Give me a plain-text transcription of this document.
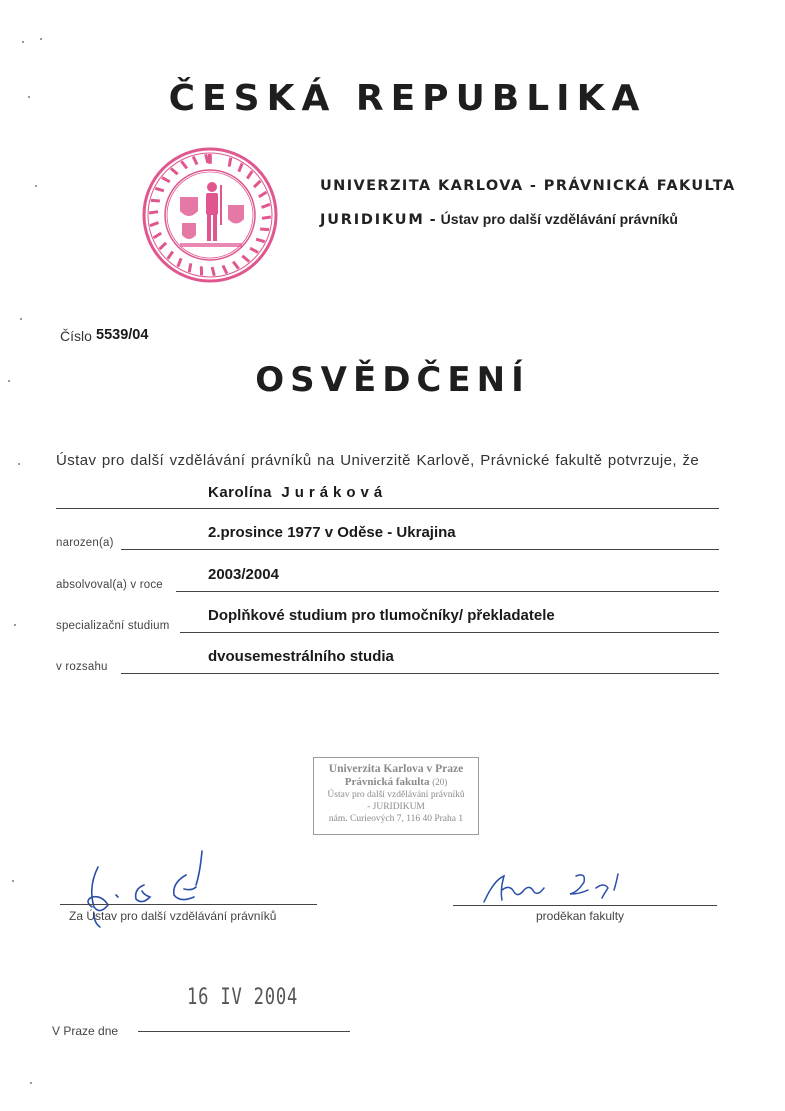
ČESKÁ REPUBLIKA
UNIVERZITA KARLOVA - PRÁVNICKÁ FAKULTA
JURIDIKUM - Ústav pro další vzdělávání právníků
Číslo 5539/04
OSVĚDČENÍ
Ústav pro další vzdělávání právníků na Univerzitě Karlově, Právnické fakultě potvrzuje, že
Karolína Juráková
narozen(a)
2.prosince 1977 v Oděse - Ukrajina
absolvoval(a) v roce
2003/2004
specializační studium
Doplňkové studium pro tlumočníky/ překladatele
v rozsahu
dvousemestrálního studia
Univerzita Karlova v Praze
Právnická fakulta (20)
Ústav pro další vzdělávání právníků
- JURIDIKUM
nám. Curieových 7, 116 40 Praha 1
Za Ústav pro další vzdělávání právníků	proděkan fakulty
16 IV 2004
V Praze dne
